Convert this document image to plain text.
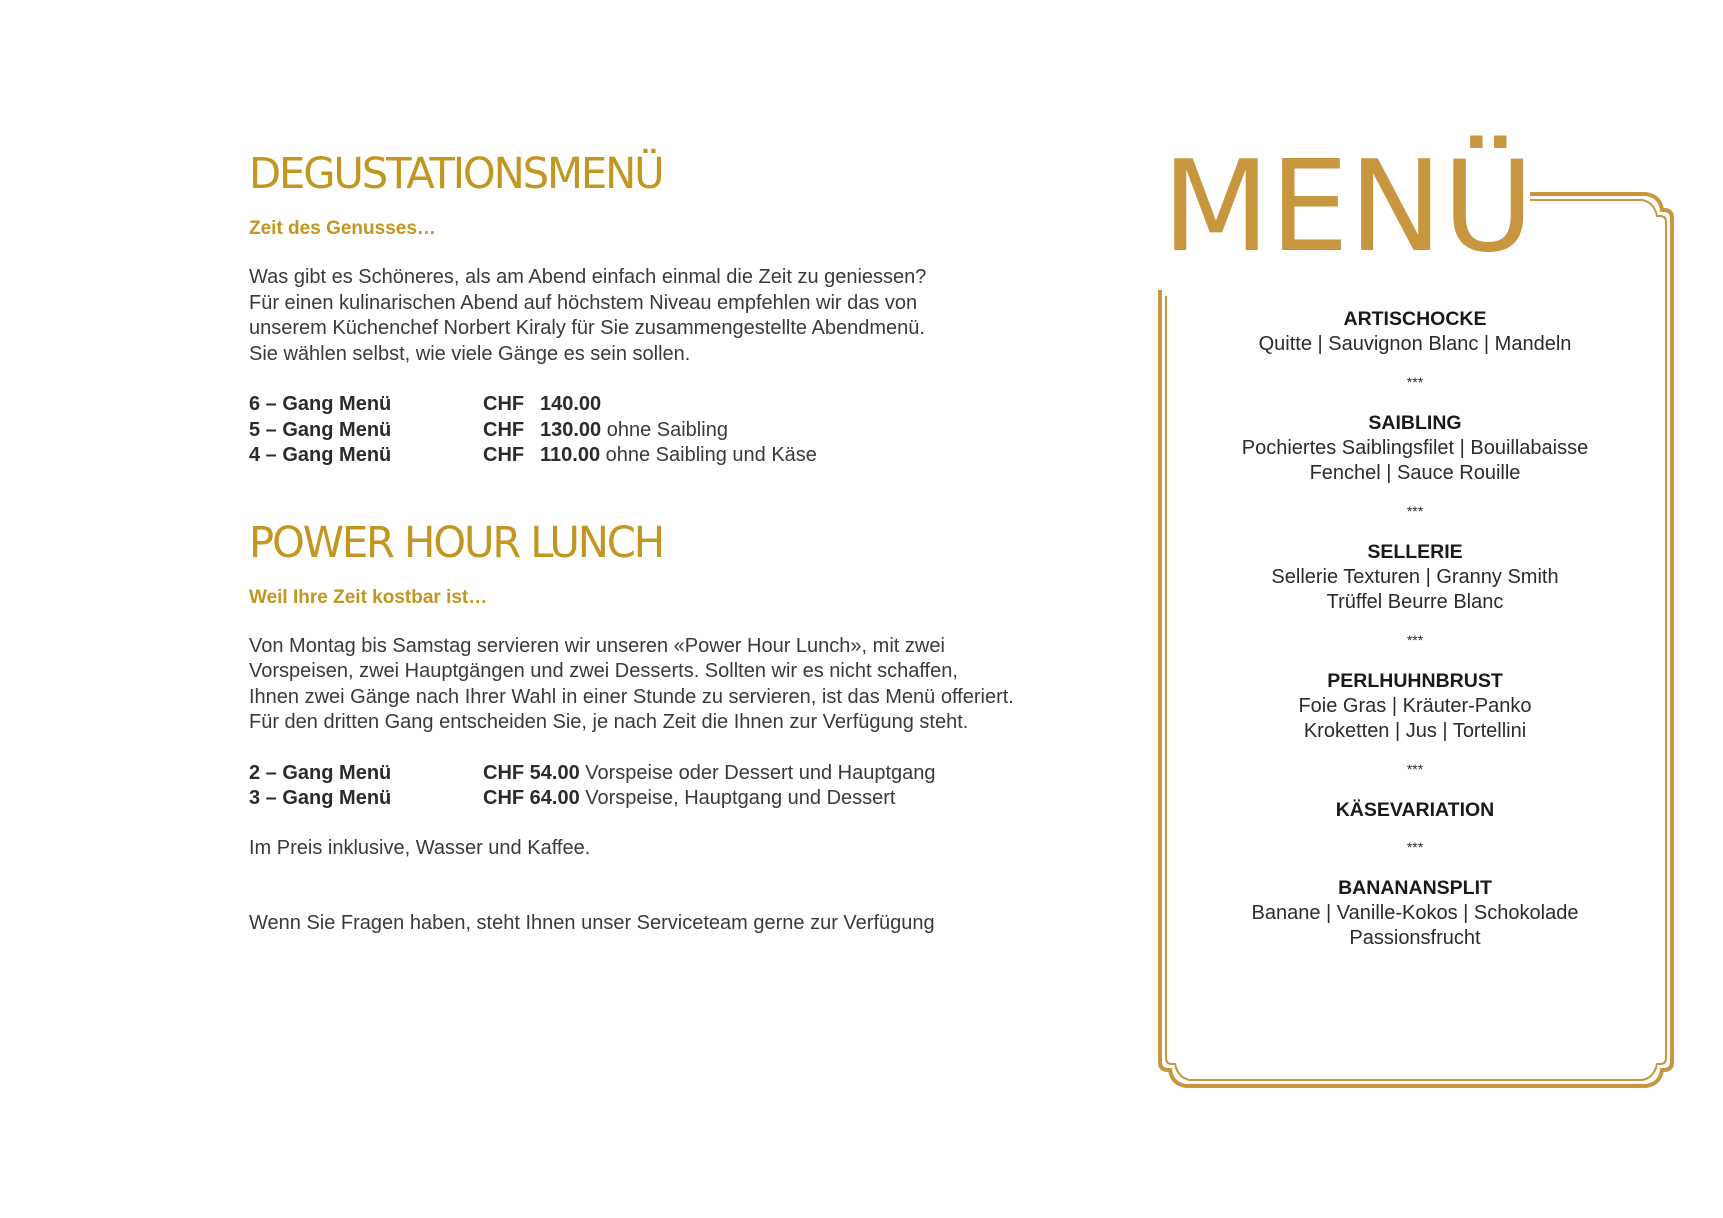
DEGUSTATIONSMENÜ
Zeit des Genusses…
Was gibt es Schöneres, als am Abend einfach einmal die Zeit zu geniessen?
Für einen kulinarischen Abend auf höchstem Niveau empfehlen wir das von
unserem Küchenchef Norbert Kiraly für Sie zusammengestellte Abendmenü.
Sie wählen selbst, wie viele Gänge es sein sollen.
6 – Gang Menü	CHF 140.00
5 – Gang Menü	CHF 130.00 ohne Saibling
4 – Gang Menü	CHF 110.00 ohne Saibling und Käse
POWER HOUR LUNCH
Weil Ihre Zeit kostbar ist…
Von Montag bis Samstag servieren wir unseren «Power Hour Lunch», mit zwei
Vorspeisen, zwei Hauptgängen und zwei Desserts. Sollten wir es nicht schaffen,
Ihnen zwei Gänge nach Ihrer Wahl in einer Stunde zu servieren, ist das Menü offeriert.
Für den dritten Gang entscheiden Sie, je nach Zeit die Ihnen zur Verfügung steht.
2 – Gang Menü	CHF 54.00 Vorspeise oder Dessert und Hauptgang
3 – Gang Menü	CHF 64.00 Vorspeise, Hauptgang und Dessert
Im Preis inklusive, Wasser und Kaffee.
Wenn Sie Fragen haben, steht Ihnen unser Serviceteam gerne zur Verfügung
MENÜ
ARTISCHOCKE
Quitte | Sauvignon Blanc | Mandeln
***
SAIBLING
Pochiertes Saiblingsfilet | Bouillabaisse
Fenchel | Sauce Rouille
***
SELLERIE
Sellerie Texturen | Granny Smith
Trüffel Beurre Blanc
***
PERLHUHNBRUST
Foie Gras | Kräuter-Panko
Kroketten | Jus | Tortellini
***
KÄSEVARIATION
***
BANANANSPLIT
Banane | Vanille-Kokos | Schokolade
Passionsfrucht
